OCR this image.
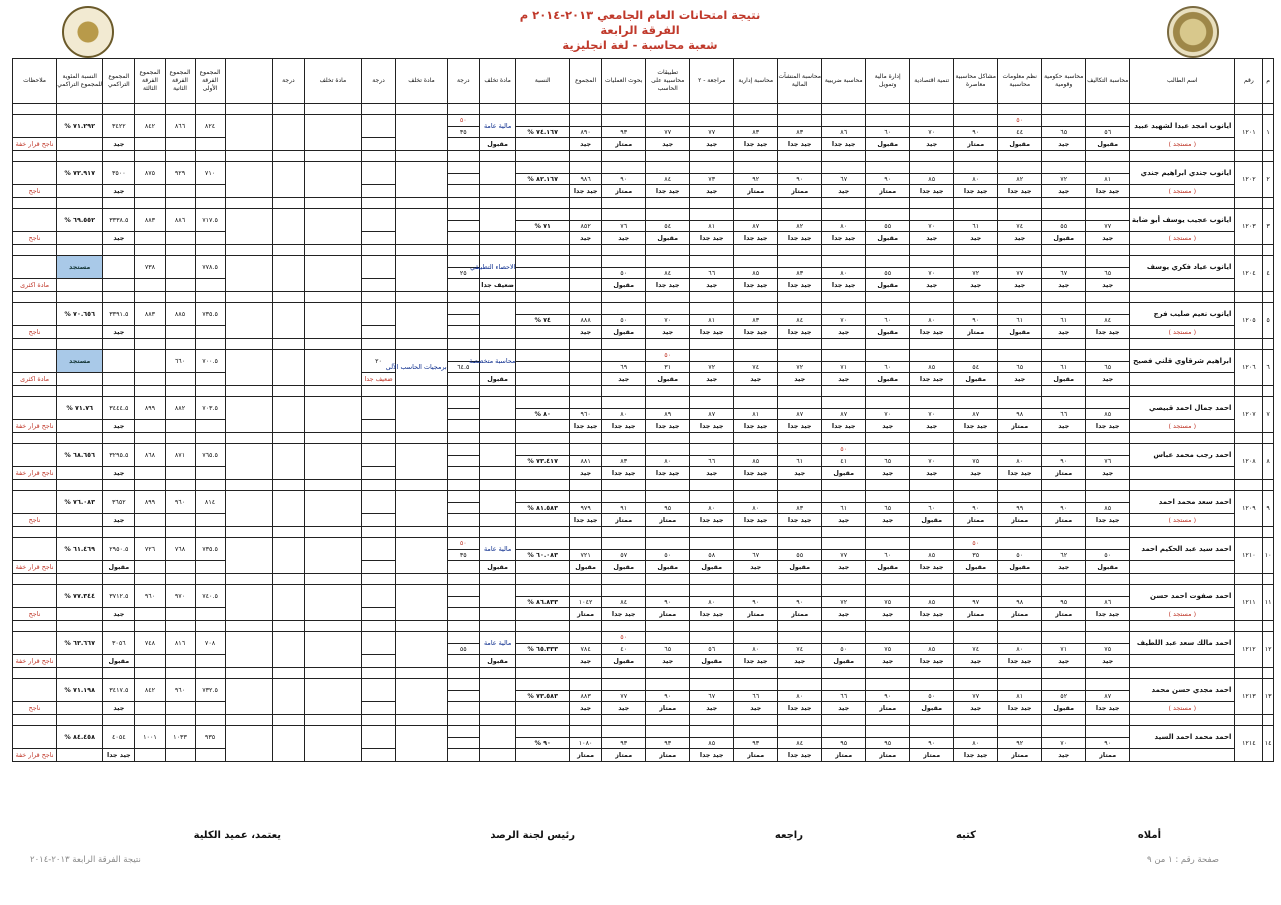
نتيجة امتحانات العام الجامعي ٢٠١٣-٢٠١٤ م
الفرقة الرابعة
شعبة محاسبة - لغة انجليزية
م	رقم	اسم الطالب	محاسبة التكاليف	محاسبة حكومية وقومية	نظم معلومات محاسبية	مشاكل محاسبية معاصرة	تنمية اقتصادية	إدارة مالية وتمويل	محاسبة ضريبية	محاسبة المنشآت المالية	محاسبة إدارية	مراجعة - ٢	تطبيقات محاسبية على الحاسب	بحوث العمليات	المجموع	النسبة	مادة تخلف	درجة	مادة تخلف	درجة	مادة تخلف	درجة		المجموع الفرقة الأولى	المجموع الفرقة الثانية	المجموع الفرقة الثالثة	المجموع التراكمي	النسبة المئوية للمجموع التراكمي	ملاحظات

١	١٢٠١	ايانوب امجد عبدا لشهيد عبيد			٥٠												مالية عامة	٥٠						٨٢٤	٨٦٦	٨٤٢	٣٤٢٢	٧١.٢٩٢ %	
			٥٦	٦٥	٤٤	٩٠	٧٠	٦٠	٨٦	٨٣	٨٣	٧٧	٧٧	٩٣	٨٩٠	٧٤.١٦٧ %		٣٥											
		( مستجد )	مقبول	جيد	مقبول	ممتاز	جيد	مقبول	جيد جدا	جيد جدا	جيد جدا	جيد	جيد	ممتاز	جيد		مقبول										جيد		ناجح قرار خفة

٢	١٢٠٢	ايانوب جندي ابراهيم جندي																						٧١٠	٩٢٩	٨٧٥	٣٥٠٠	٧٢.٩١٧ %	
			٨١	٧٢	٨٢	٨٠	٨٥	٩٠	٦٧	٩٠	٩٢	٧٣	٨٤	٩٠	٩٨٦	٨٢.١٦٧ %													
		( مستجد )	جيد جدا	جيد	جيد جدا	جيد جدا	جيد جدا	ممتاز	جيد	ممتاز	ممتاز	جيد	جيد جدا	ممتاز	جيد جدا												جيد		ناجح

٣	١٢٠٣	ايانوب عجيب يوسف أبو ضابة																						٧١٧.٥	٨٨٦	٨٨٣	٣٣٣٨.٥	٦٩.٥٥٢ %	
			٧٧	٥٥	٧٤	٦١	٧٠	٥٥	٨٠	٨٢	٨٧	٨١	٥٤	٧٦	٨٥٢	٧١ %													
		( مستجد )	جيد	مقبول	جيد	جيد	جيد	مقبول	جيد جدا	جيد جدا	جيد جدا	جيد جدا	مقبول	جيد	جيد												جيد		ناجح

٤	١٢٠٤	ايانوب عياد فكري يوسف															الاحصاء التطبيقي							٧٧٨.٥		٧٣٨		مستجد	
			٦٥	٦٧	٧٧	٧٢	٧٠	٥٥	٨٠	٨٣	٨٥	٦٦	٨٤	٥٠				٢٥											
			جيد	جيد	جيد	جيد	جيد	مقبول	جيد جدا	جيد جدا	جيد جدا	جيد	جيد جدا	مقبول			ضعيف جدا												مادة اكثرى

٥	١٢٠٥	ايانوب نعيم صليب فرج																						٧٣٥.٥	٨٨٥	٨٨٣	٣٣٩١.٥	٧٠.٦٥٦ %	
			٨٤	٦١	٦١	٩٠	٨٠	٦٠	٧٠	٨٤	٨٣	٨١	٧٠	٥٠	٨٨٨	٧٤ %													
		( مستجد )	جيد جدا	جيد	مقبول	ممتاز	جيد جدا	مقبول	جيد	جيد جدا	جيد جدا	جيد جدا	جيد	مقبول	جيد												جيد		ناجح

٦	١٢٠٦	ابراهيم شرقاوي قلني فصيح											٥٠				محاسبة متخصصة		برمجيات الحاسب الآلى	٢٠				٧٠٠.٥	٦٦٠			مستجد	
			٦٥	٦١	٦٥	٥٤	٨٥	٦٠	٧١	٧٢	٧٤	٧٢	٣١	٦٩				٦٤.٥											
			جيد	مقبول	جيد	مقبول	جيد جدا	مقبول	جيد	جيد	جيد	جيد	مقبول	جيد			مقبول			ضعيف جدا									مادة اكثرى

٧	١٢٠٧	احمد جمال احمد قبيصي																						٧٠٣.٥	٨٨٢	٨٩٩	٣٤٤٤.٥	٧١.٧٦ %	
			٨٥	٦٦	٩٨	٨٧	٧٠	٧٠	٨٧	٨٧	٨١	٨٧	٨٩	٨٠	٩٦٠	٨٠ %													
		( مستجد )	جيد جدا	جيد	ممتاز	جيد جدا	جيد	جيد	جيد جدا	جيد جدا	جيد جدا	جيد جدا	جيد جدا	جيد جدا	جيد جدا												جيد		ناجح قرار خفة

٨	١٢٠٨	احمد رجب محمد عباس							٥٠															٧٦٥.٥	٨٧١	٨٦٨	٣٢٩٥.٥	٦٨.٦٥٦ %	
			٧٦	٩٠	٨٠	٧٥	٧٠	٦٥	٤١	٦١	٨٥	٦٦	٨٠	٨٣	٨٨١	٧٣.٤١٧ %													
			جيد	ممتاز	جيد جدا	جيد	جيد	جيد	مقبول	جيد	جيد جدا	جيد	جيد جدا	جيد جدا	جيد												جيد		ناجح قرار خفة

٩	١٢٠٩	احمد سعد محمد احمد																						٨١٤	٩٦٠	٨٩٩	٣٦٥٢	٧٦.٠٨٣ %	
			٨٥	٩٠	٩٩	٩٠	٦٠	٦٥	٦١	٨٣	٨٠	٨٠	٩٥	٩١	٩٧٩	٨١.٥٨٣ %													
		( مستجد )	جيد جدا	ممتاز	ممتاز	ممتاز	مقبول	جيد	جيد	جيد جدا	جيد جدا	جيد جدا	ممتاز	ممتاز	جيد جدا												جيد		ناجح

١٠	١٢١٠	احمد سيد عبد الحكيم احمد				٥٠											مالية عامة	٥٠						٧٣٥.٥	٧٦٨	٧٢٦	٢٩٥٠.٥	٦١.٤٦٩ %	
			٥٠	٦٢	٥٠	٣٥	٨٥	٦٠	٧٧	٥٥	٦٧	٥٨	٥٠	٥٧	٧٢١	٦٠.٠٨٣ %		٣٥											
			مقبول	جيد	مقبول	مقبول	جيد جدا	مقبول	جيد	مقبول	جيد	مقبول	مقبول	مقبول	مقبول		مقبول										مقبول		ناجح قرار خفة

١١	١٢١١	احمد صفوت احمد حسن																						٧٤٠.٥	٩٧٠	٩٦٠	٣٧١٢.٥	٧٧.٣٤٤ %	
			٨٦	٩٥	٩٨	٩٧	٨٥	٧٥	٧٢	٩٠	٩٠	٨٠	٩٠	٨٤	١٠٤٢	٨٦.٨٣٣ %													
		( مستجد )	جيد جدا	ممتاز	ممتاز	ممتاز	جيد جدا	جيد	جيد	ممتاز	ممتاز	جيد جدا	ممتاز	جيد جدا	ممتاز												جيد		ناجح

١٢	١٢١٢	احمد مالك سعد عبد اللطيف												٥٠			مالية عامة							٧٠٨	٨١٦	٧٤٨	٣٠٥٦	٦٣.٦٦٧ %	
			٧٥	٧١	٨٠	٧٤	٨٥	٧٥	٥٠	٧٤	٨٠	٥٦	٦٥	٤٠	٧٨٤	٦٥.٣٣٣ %		٥٥											
			جيد	جيد	جيد جدا	جيد	جيد جدا	جيد	مقبول	جيد	جيد جدا	مقبول	جيد	مقبول	جيد		مقبول										مقبول		ناجح قرار خفة

١٣	١٢١٣	احمد مجدي حسن محمد																						٧٣٢.٥	٩٦٠	٨٤٢	٣٤١٧.٥	٧١.١٩٨ %	
			٨٧	٥٢	٨١	٧٧	٥٠	٩٠	٦٦	٨٠	٦٦	٦٧	٩٠	٧٧	٨٨٣	٧٣.٥٨٣ %													
		( مستجد )	جيد جدا	مقبول	جيد جدا	جيد	مقبول	ممتاز	جيد	جيد جدا	جيد	جيد	ممتاز	جيد	جيد												جيد		ناجح

١٤	١٢١٤	احمد محمد احمد السيد																						٩٣٥	١٠٣٣	١٠٠١	٤٠٥٤	٨٤.٤٥٨ %	
			٩٠	٧٠	٩٢	٨٠	٩٠	٩٥	٩٥	٨٤	٩٣	٨٥	٩٣	٩٣	١٠٨٠	٩٠ %													
			ممتاز	جيد	ممتاز	جيد جدا	ممتاز	ممتاز	ممتاز	جيد جدا	ممتاز	جيد جدا	ممتاز	ممتاز	ممتاز												جيد جدا		ناجح قرار خفة
أملاه
كتبه
راجعه
رئيس لجنة الرصد
يعتمد، عميد الكلية
صفحة رقم : ١ من ٩
نتيجة الفرقة الرابعة ٢٠١٣-٢٠١٤
